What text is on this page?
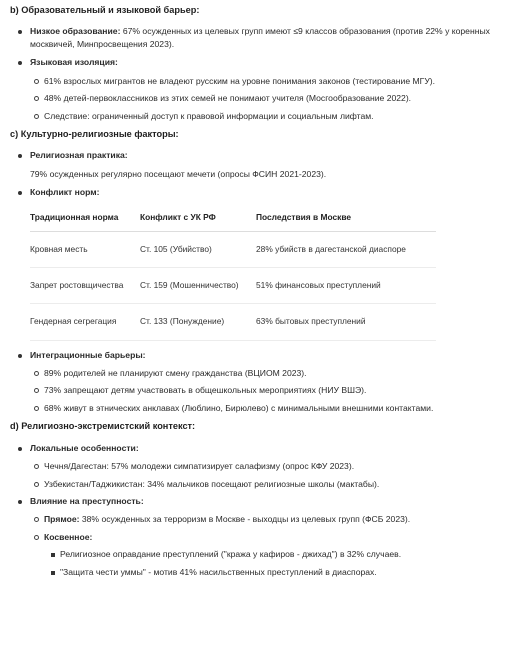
b) Образовательный и языковой барьер:
Низкое образование: 67% осужденных из целевых групп имеют ≤9 классов образования (против 22% у коренных москвичей, Минпросвещения 2023).
Языковая изоляция:
61% взрослых мигрантов не владеют русским на уровне понимания законов (тестирование МГУ).
48% детей-первоклассников из этих семей не понимают учителя (Мосгообразование 2022).
Следствие: ограниченный доступ к правовой информации и социальным лифтам.
c) Культурно-религиозные факторы:
Религиозная практика:
79% осужденных регулярно посещают мечети (опросы ФСИН 2021-2023).
Конфликт норм:
Традиционная норма	Конфликт с УК РФ	Последствия в Москве
Кровная месть	Ст. 105 (Убийство)	28% убийств в дагестанской диаспоре
Запрет ростовщичества	Ст. 159 (Мошенничество)	51% финансовых преступлений
Гендерная сегрегация	Ст. 133 (Понуждение)	63% бытовых преступлений
Интеграционные барьеры:
89% родителей не планируют смену гражданства (ВЦИОМ 2023).
73% запрещают детям участвовать в общешкольных мероприятиях (НИУ ВШЭ).
68% живут в этнических анклавах (Люблино, Бирюлево) с минимальными внешними контактами.
d) Религиозно-экстремистский контекст:
Локальные особенности:
Чечня/Дагестан: 57% молодежи симпатизирует салафизму (опрос КФУ 2023).
Узбекистан/Таджикистан: 34% мальчиков посещают религиозные школы (мактабы).
Влияние на преступность:
Прямое: 38% осужденных за терроризм в Москве - выходцы из целевых групп (ФСБ 2023).
Косвенное:
Религиозное оправдание преступлений ("кража у кафиров - джихад") в 32% случаев.
"Защита чести уммы" - мотив 41% насильственных преступлений в диаспорах.
